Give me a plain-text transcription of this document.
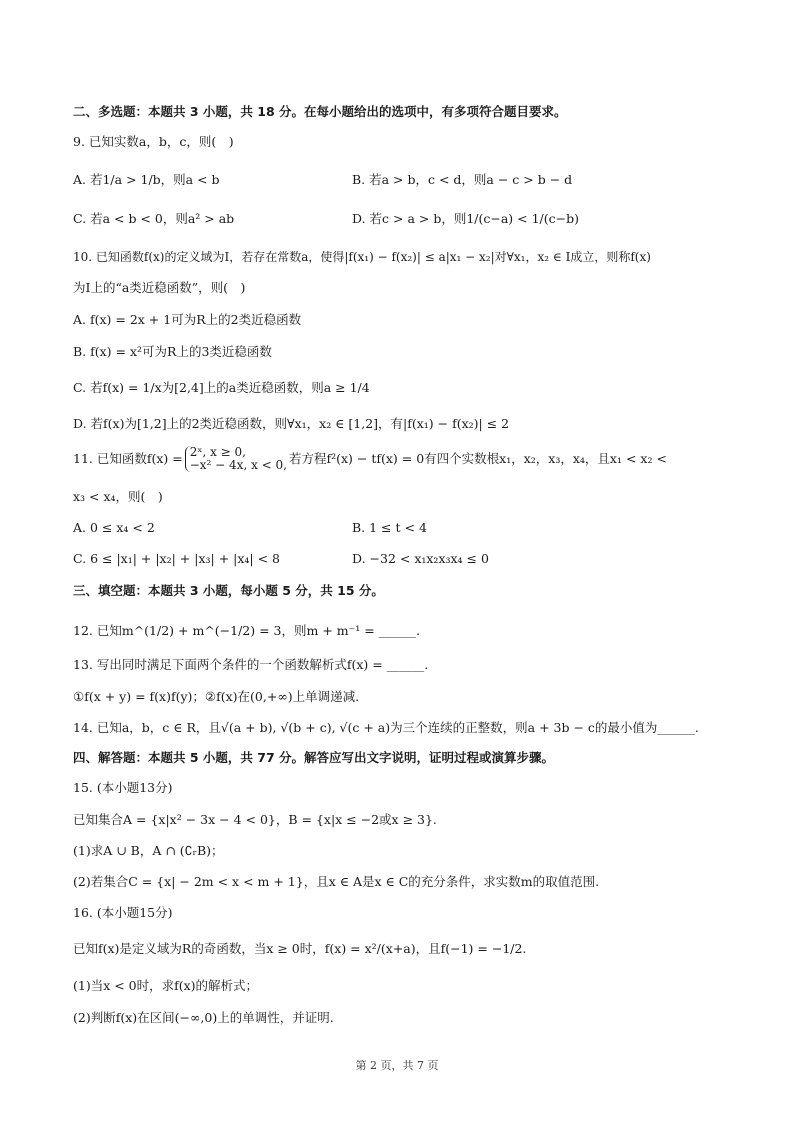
二、多选题：本题共 3 小题，共 18 分。在每小题给出的选项中，有多项符合题目要求。
9. 已知实数a，b，c，则(　)
A. 若1/a > 1/b，则a < b	B. 若a > b，c < d，则a − c > b − d
C. 若a < b < 0，则a² > ab	D. 若c > a > b，则1/(c−a) < 1/(c−b)
10. 已知函数f(x)的定义域为I，若存在常数a，使得|f(x₁) − f(x₂)| ≤ a|x₁ − x₂|对∀x₁，x₂ ∈ I成立，则称f(x)
为I上的“a类近稳函数”，则(　)
A. f(x) = 2x + 1可为R上的2类近稳函数
B. f(x) = x²可为R上的3类近稳函数
C. 若f(x) = 1/x为[2,4]上的a类近稳函数，则a ≥ 1/4
D. 若f(x)为[1,2]上的2类近稳函数，则∀x₁，x₂ ∈ [1,2]，有|f(x₁) − f(x₂)| ≤ 2
11. 已知函数f(x) = 2ˣ, x ≥ 0,
−x² − 4x, x < 0, 若方程f²(x) − tf(x) = 0有四个实数根x₁，x₂，x₃，x₄，且x₁ < x₂ <
x₃ < x₄，则(　)
A. 0 ≤ x₄ < 2	B. 1 ≤ t < 4
C. 6 ≤ |x₁| + |x₂| + |x₃| + |x₄| < 8	D. −32 < x₁x₂x₃x₄ ≤ 0
三、填空题：本题共 3 小题，每小题 5 分，共 15 分。
12. 已知m^(1/2) + m^(−1/2) = 3，则m + m⁻¹ = ______.
13. 写出同时满足下面两个条件的一个函数解析式f(x) = ______.
①f(x + y) = f(x)f(y)；②f(x)在(0,+∞)上单调递减.
14. 已知a，b，c ∈ R，且√(a + b), √(b + c), √(c + a)为三个连续的正整数，则a + 3b − c的最小值为______.
四、解答题：本题共 5 小题，共 77 分。解答应写出文字说明，证明过程或演算步骤。
15. (本小题13分)
已知集合A = {x|x² − 3x − 4 < 0}，B = {x|x ≤ −2或x ≥ 3}.
(1)求A ∪ B，A ∩ (∁ᵣB)；
(2)若集合C = {x| − 2m < x < m + 1}，且x ∈ A是x ∈ C的充分条件，求实数m的取值范围.
16. (本小题15分)
已知f(x)是定义域为R的奇函数，当x ≥ 0时，f(x) = x²/(x+a)，且f(−1) = −1/2.
(1)当x < 0时，求f(x)的解析式；
(2)判断f(x)在区间(−∞,0)上的单调性，并证明.
第 2 页，共 7 页
